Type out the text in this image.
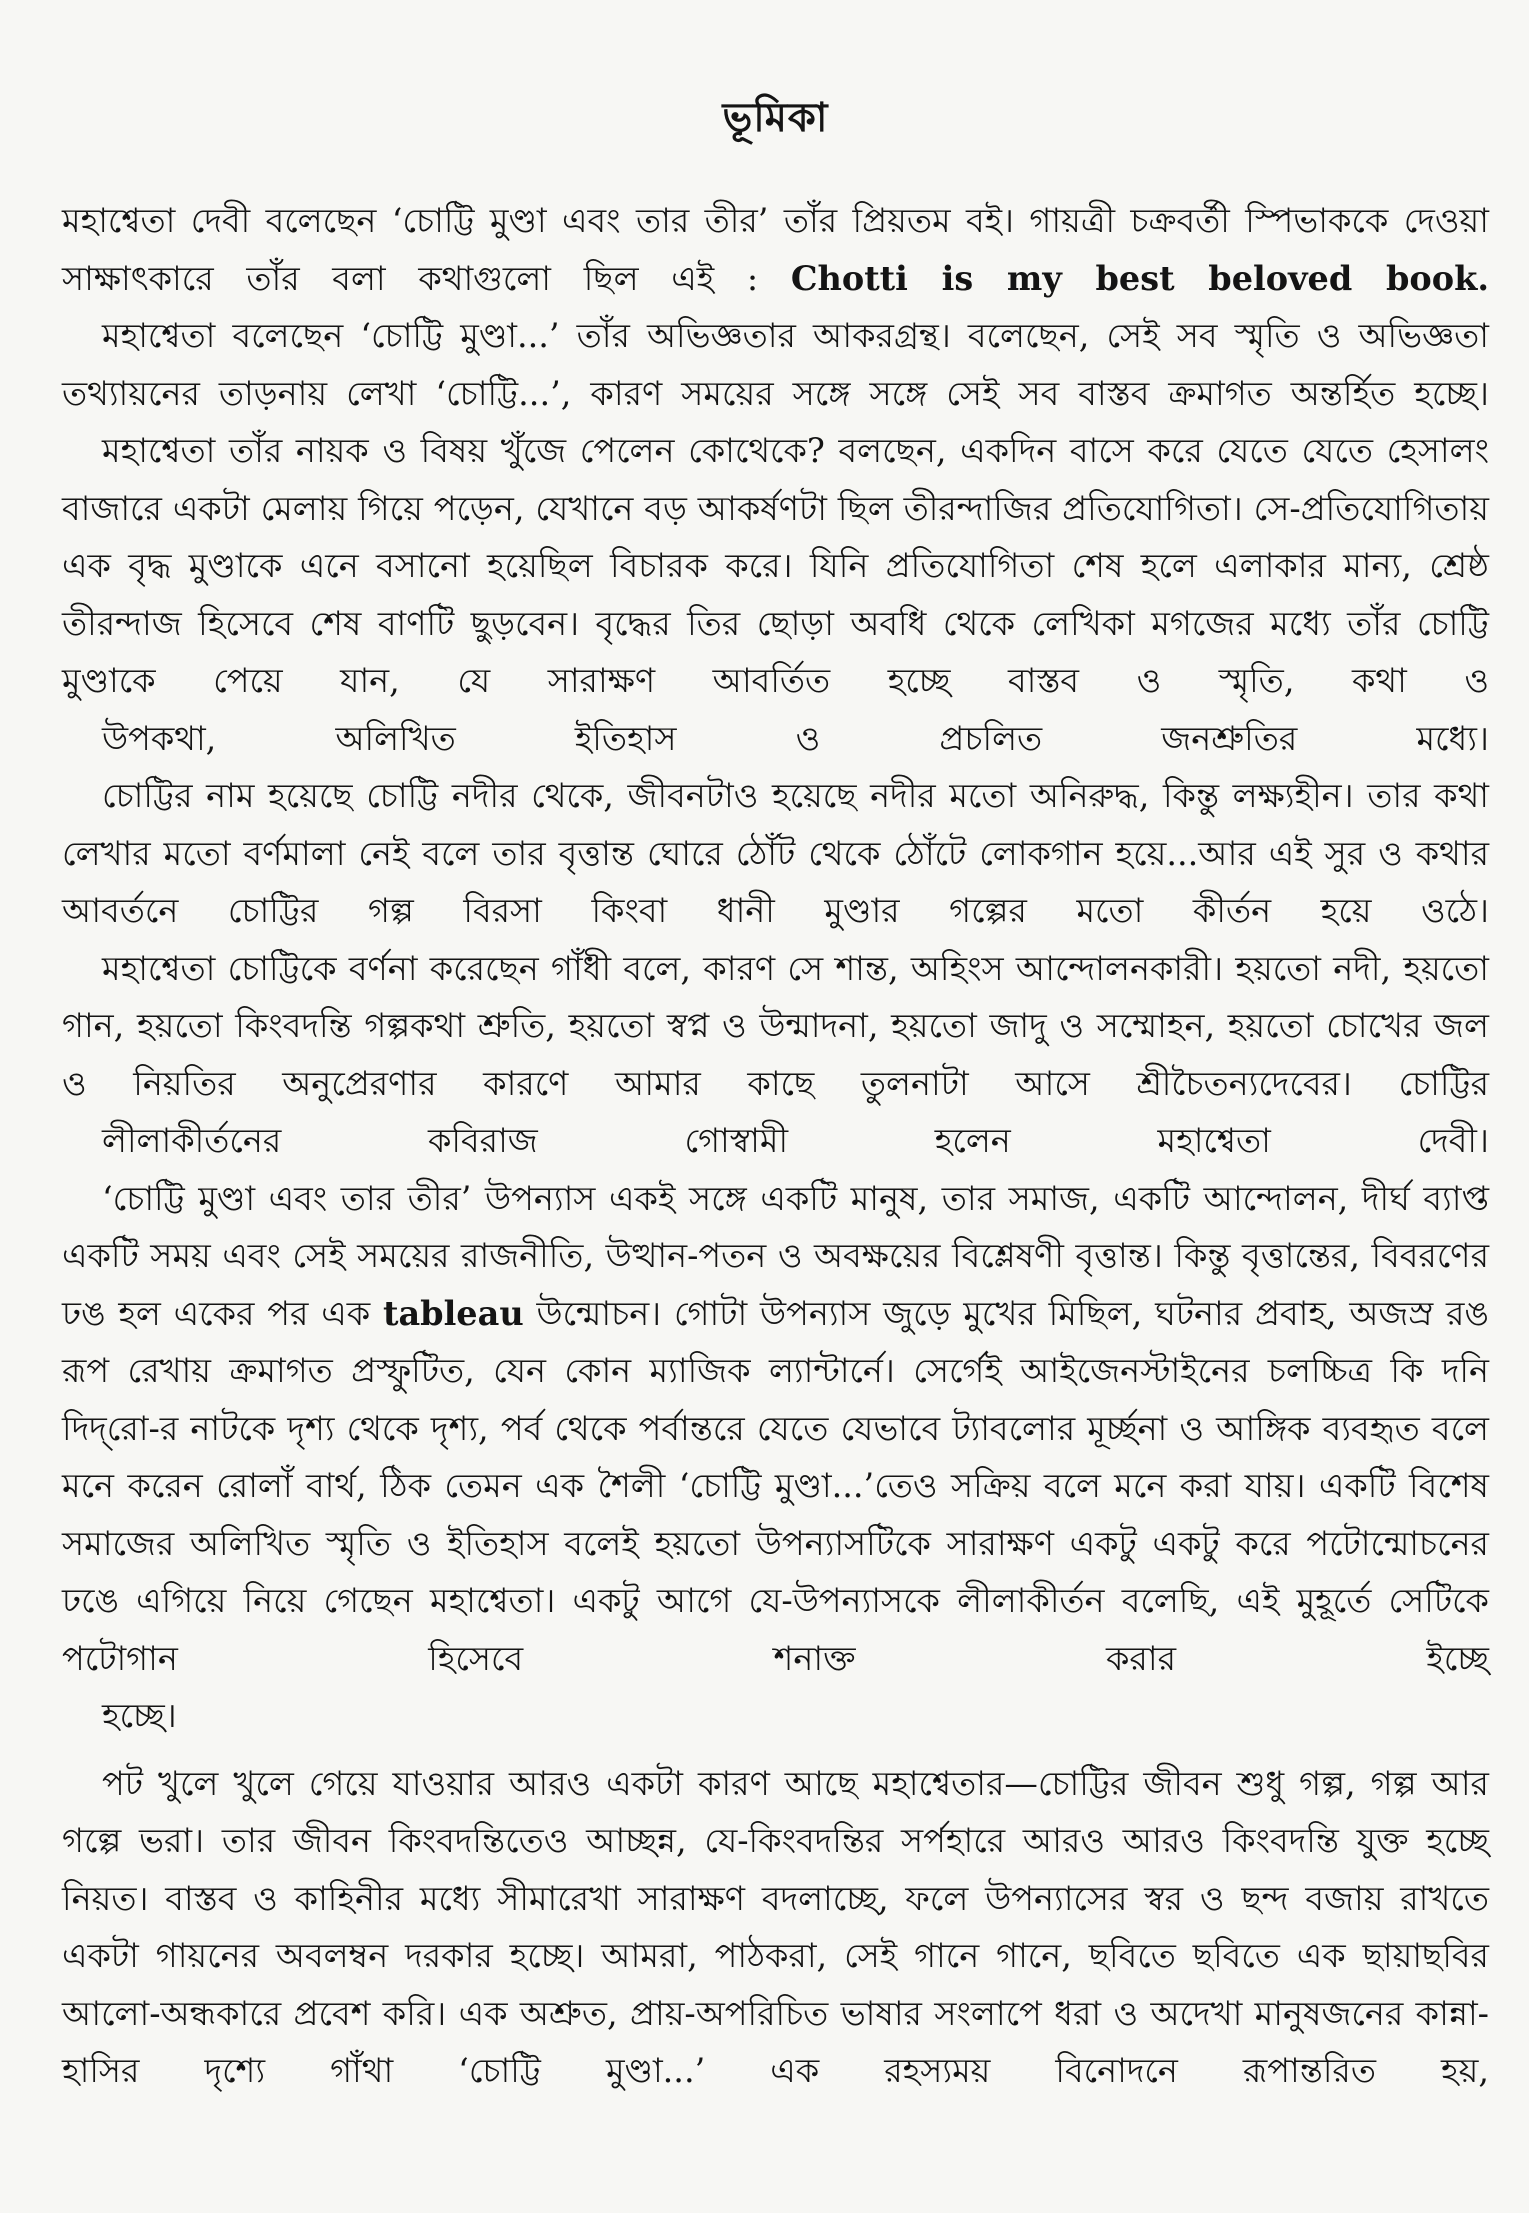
ভূমিকা

মহাশ্বেতা দেবী বলেছেন ‘চোট্টি মুণ্ডা এবং তার তীর’ তাঁর প্রিয়তম বই। গায়ত্রী চক্রবর্তী স্পিভাককে দেওয়া সাক্ষাৎকারে তাঁর বলা কথাগুলো ছিল এই : Chotti is my best beloved book.

মহাশ্বেতা বলেছেন ‘চোট্টি মুণ্ডা...’ তাঁর অভিজ্ঞতার আকরগ্রন্থ। বলেছেন, সেই সব স্মৃতি ও অভিজ্ঞতা তথ্যায়নের তাড়নায় লেখা ‘চোট্টি...’, কারণ সময়ের সঙ্গে সঙ্গে সেই সব বাস্তব ক্রমাগত অন্তর্হিত হচ্ছে।

মহাশ্বেতা তাঁর নায়ক ও বিষয় খুঁজে পেলেন কোথেকে? বলছেন, একদিন বাসে করে যেতে যেতে হেসালং বাজারে একটা মেলায় গিয়ে পড়েন, যেখানে বড় আকর্ষণটা ছিল তীরন্দাজির প্রতিযোগিতা। সে-প্রতিযোগিতায় এক বৃদ্ধ মুণ্ডাকে এনে বসানো হয়েছিল বিচারক করে। যিনি প্রতিযোগিতা শেষ হলে এলাকার মান্য, শ্রেষ্ঠ তীরন্দাজ হিসেবে শেষ বাণটি ছুড়বেন। বৃদ্ধের তির ছোড়া অবধি থেকে লেখিকা মগজের মধ্যে তাঁর চোট্টি মুণ্ডাকে পেয়ে যান, যে সারাক্ষণ আবর্তিত হচ্ছে বাস্তব ও স্মৃতি, কথা ও
উপকথা, অলিখিত ইতিহাস ও প্রচলিত জনশ্রুতির মধ্যে।

চোট্টির নাম হয়েছে চোট্টি নদীর থেকে, জীবনটাও হয়েছে নদীর মতো অনিরুদ্ধ, কিন্তু লক্ষ্যহীন। তার কথা লেখার মতো বর্ণমালা নেই বলে তার বৃত্তান্ত ঘোরে ঠোঁট থেকে ঠোঁটে লোকগান হয়ে...আর এই সুর ও কথার আবর্তনে চোট্টির গল্প বিরসা কিংবা ধানী মুণ্ডার গল্পের মতো কীর্তন হয়ে ওঠে।

মহাশ্বেতা চোট্টিকে বর্ণনা করেছেন গাঁধী বলে, কারণ সে শান্ত, অহিংস আন্দোলনকারী। হয়তো নদী, হয়তো গান, হয়তো কিংবদন্তি গল্পকথা শ্রুতি, হয়তো স্বপ্ন ও উন্মাদনা, হয়তো জাদু ও সম্মোহন, হয়তো চোখের জল ও নিয়তির অনুপ্রেরণার কারণে আমার কাছে তুলনাটা আসে শ্রীচৈতন্যদেবের। চোট্টির
লীলাকীর্তনের কবিরাজ গোস্বামী হলেন মহাশ্বেতা দেবী।

‘চোট্টি মুণ্ডা এবং তার তীর’ উপন্যাস একই সঙ্গে একটি মানুষ, তার সমাজ, একটি আন্দোলন, দীর্ঘ ব্যাপ্ত একটি সময় এবং সেই সময়ের রাজনীতি, উত্থান-পতন ও অবক্ষয়ের বিশ্লেষণী বৃত্তান্ত। কিন্তু বৃত্তান্তের, বিবরণের ঢঙ হল একের পর এক tableau উন্মোচন। গোটা উপন্যাস জুড়ে মুখের মিছিল, ঘটনার প্রবাহ, অজস্র রঙ রূপ রেখায় ক্রমাগত প্রস্ফুটিত, যেন কোন ম্যাজিক ল্যান্টার্নে। সের্গেই আইজেনস্টাইনের চলচ্চিত্র কি দনি দিদ্‌রো-র নাটকে দৃশ্য থেকে দৃশ্য, পর্ব থেকে পর্বান্তরে যেতে যেভাবে ট্যাবলোর মূর্চ্ছনা ও আঙ্গিক ব্যবহৃত বলে মনে করেন রোলাঁ বার্থ, ঠিক তেমন এক শৈলী ‘চোট্টি মুণ্ডা...’তেও সক্রিয় বলে মনে করা যায়। একটি বিশেষ সমাজের অলিখিত স্মৃতি ও ইতিহাস বলেই হয়তো উপন্যাসটিকে সারাক্ষণ একটু একটু করে পটোন্মোচনের ঢঙে এগিয়ে নিয়ে গেছেন মহাশ্বেতা। একটু আগে যে-উপন্যাসকে লীলাকীর্তন বলেছি, এই মুহূর্তে সেটিকে পটোগান হিসেবে শনাক্ত করার ইচ্ছে
হচ্ছে।

পট খুলে খুলে গেয়ে যাওয়ার আরও একটা কারণ আছে মহাশ্বেতার—চোট্টির জীবন শুধু গল্প, গল্প আর গল্পে ভরা। তার জীবন কিংবদন্তিতেও আচ্ছন্ন, যে-কিংবদন্তির সর্পহারে আরও আরও কিংবদন্তি যুক্ত হচ্ছে নিয়ত। বাস্তব ও কাহিনীর মধ্যে সীমারেখা সারাক্ষণ বদলাচ্ছে, ফলে উপন্যাসের স্বর ও ছন্দ বজায় রাখতে একটা গায়নের অবলম্বন দরকার হচ্ছে। আমরা, পাঠকরা, সেই গানে গানে, ছবিতে ছবিতে এক ছায়াছবির আলো-অন্ধকারে প্রবেশ করি। এক অশ্রুত, প্রায়-অপরিচিত ভাষার সংলাপে ধরা ও অদেখা মানুষজনের কান্না-হাসির দৃশ্যে গাঁথা ‘চোট্টি মুণ্ডা...’ এক রহস্যময় বিনোদনে রূপান্তরিত হয়,
